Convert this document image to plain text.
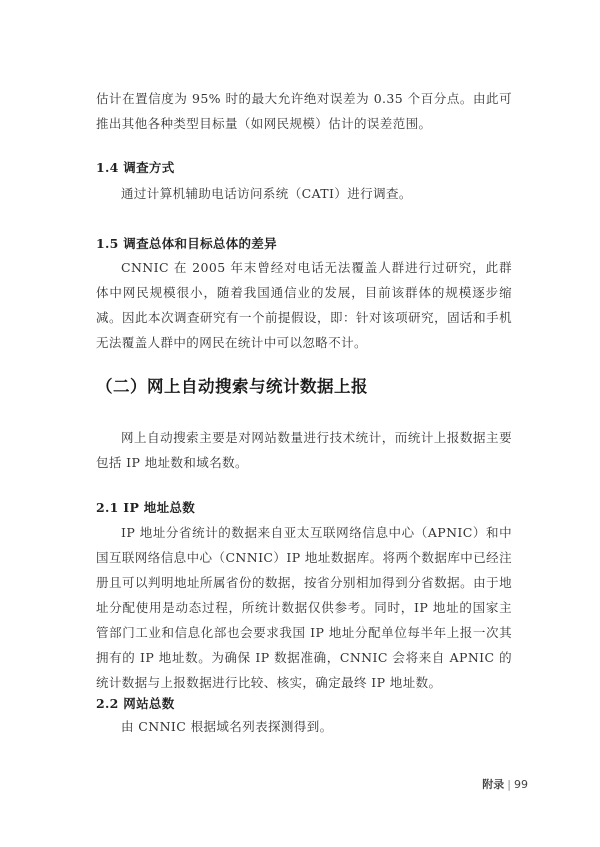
估计在置信度为 95% 时的最大允许绝对误差为 0.35 个百分点。由此可推出其他各种类型目标量（如网民规模）估计的误差范围。

1.4 调查方式

通过计算机辅助电话访问系统（CATI）进行调查。

1.5 调查总体和目标总体的差异

CNNIC 在 2005 年末曾经对电话无法覆盖人群进行过研究，此群体中网民规模很小，随着我国通信业的发展，目前该群体的规模逐步缩减。因此本次调查研究有一个前提假设，即：针对该项研究，固话和手机无法覆盖人群中的网民在统计中可以忽略不计。

（二）网上自动搜索与统计数据上报

网上自动搜索主要是对网站数量进行技术统计，而统计上报数据主要包括 IP 地址数和域名数。

2.1 IP 地址总数

IP 地址分省统计的数据来自亚太互联网络信息中心（APNIC）和中国互联网络信息中心（CNNIC）IP 地址数据库。将两个数据库中已经注册且可以判明地址所属省份的数据，按省分别相加得到分省数据。由于地址分配使用是动态过程，所统计数据仅供参考。同时，IP 地址的国家主管部门工业和信息化部也会要求我国 IP 地址分配单位每半年上报一次其拥有的 IP 地址数。为确保 IP 数据准确，CNNIC 会将来自 APNIC 的统计数据与上报数据进行比较、核实，确定最终 IP 地址数。

2.2 网站总数

由 CNNIC 根据域名列表探测得到。

附录 | 99
